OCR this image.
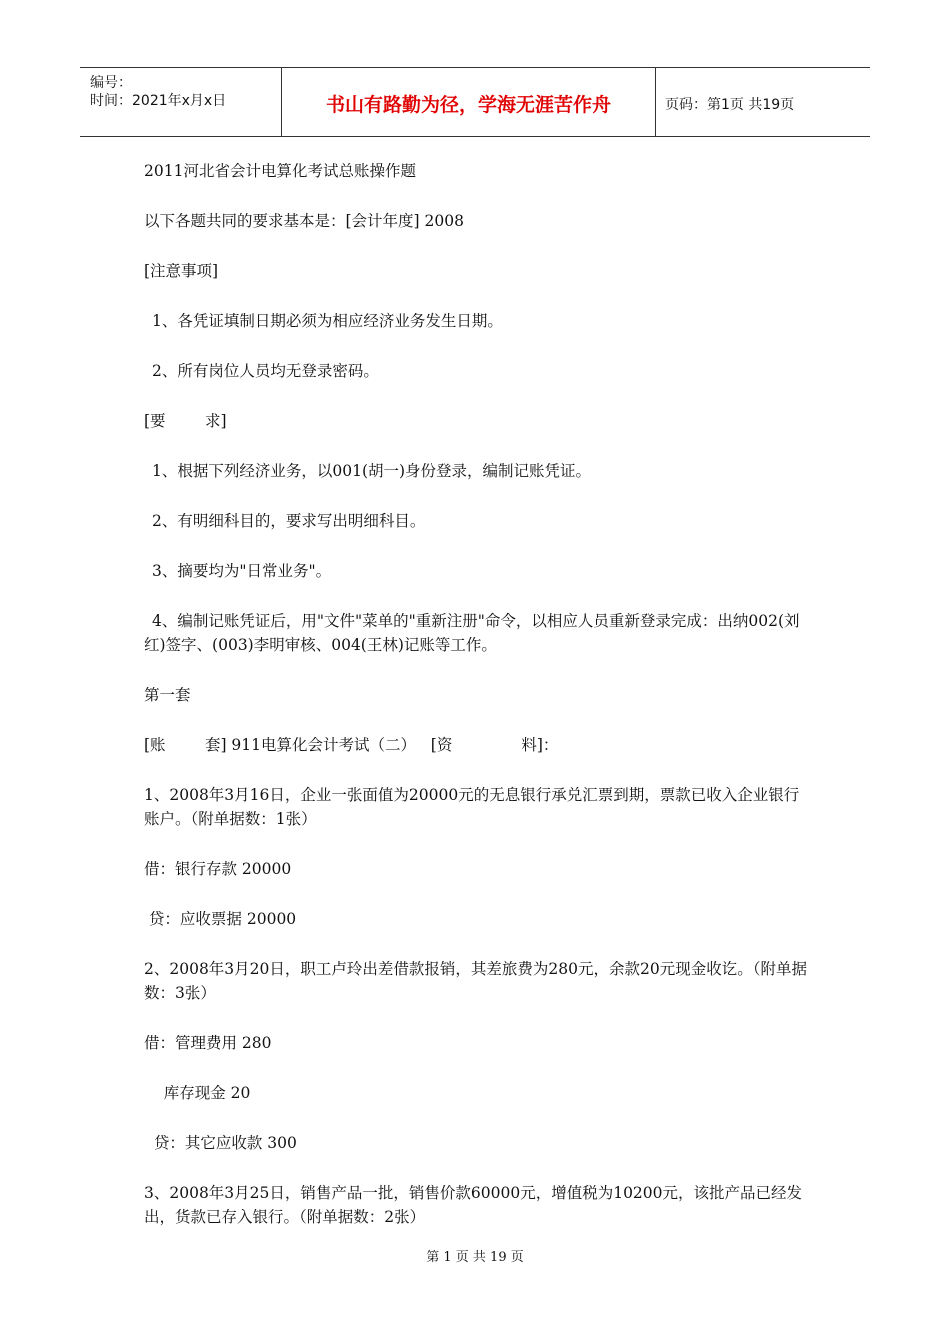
编号：
时间：2021年x月x日	书山有路勤为径，学海无涯苦作舟	页码：第1页 共19页
2011河北省会计电算化考试总账操作题
以下各题共同的要求基本是：[会计年度] 2008
[注意事项]
1、各凭证填制日期必须为相应经济业务发生日期。
2、所有岗位人员均无登录密码。
[要        求]
1、根据下列经济业务，以001(胡一)身份登录，编制记账凭证。
2、有明细科目的，要求写出明细科目。
3、摘要均为"日常业务"。
4、编制记账凭证后，用"文件"菜单的"重新注册"命令，以相应人员重新登录完成：出纳002(刘红)签字、(003)李明审核、004(王林)记账等工作。
第一套
[账        套] 911电算化会计考试（二）   [资              料]：
1、2008年3月16日，企业一张面值为20000元的无息银行承兑汇票到期，票款已收入企业银行账户。（附单据数：1张）
借：银行存款 20000
贷：应收票据 20000
2、2008年3月20日，职工卢玲出差借款报销，其差旅费为280元，余款20元现金收讫。（附单据数：3张）
借：管理费用 280
库存现金 20
贷：其它应收款 300
3、2008年3月25日，销售产品一批，销售价款60000元，增值税为10200元，该批产品已经发出，货款已存入银行。（附单据数：2张）
第 1 页 共 19 页
